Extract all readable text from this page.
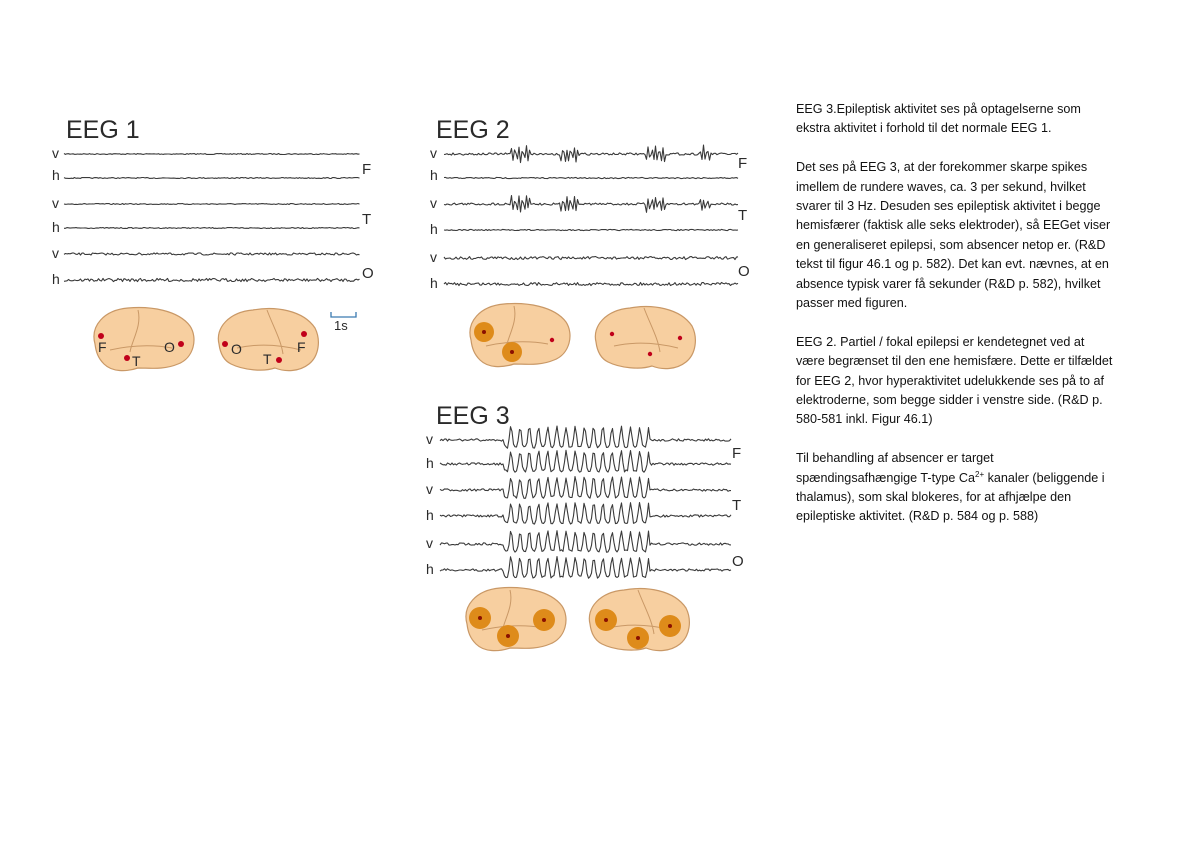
EEG 1
v
h
v
h
v
h
F
T
O
1s
F
T
O	O
T
F
EEG 2
v
h
v
h
v
h
F
T
O
EEG 3
v
h
v
h
v
h
F
T
O

EEG 3.Epileptisk aktivitet ses på optagelserne som ekstra aktivitet i forhold til det normale EEG 1.

Det ses på EEG 3, at der forekommer skarpe spikes imellem de rundere waves, ca. 3 per sekund, hvilket svarer til 3 Hz. Desuden ses epileptisk aktivitet i begge hemisfærer (faktisk alle seks elektroder), så EEGet viser en generaliseret epilepsi, som absencer netop er. (R&D tekst til figur 46.1 og p. 582). Det kan evt. nævnes, at en absence typisk varer få sekunder (R&D p. 582), hvilket passer med figuren.

EEG 2. Partiel / fokal epilepsi er kendetegnet ved at være begrænset til den ene hemisfære. Dette er tilfældet for EEG 2, hvor hyperaktivitet udelukkende ses på to af elektroderne, som begge sidder i venstre side. (R&D p. 580-581 inkl. Figur 46.1)

Til behandling af absencer er target spændingsafhængige T-type $Ca^{2+}$ kanaler (beliggende i thalamus), som skal blokeres, for at afhjælpe den epileptiske aktivitet. (R&D p. 584 og p. 588)
